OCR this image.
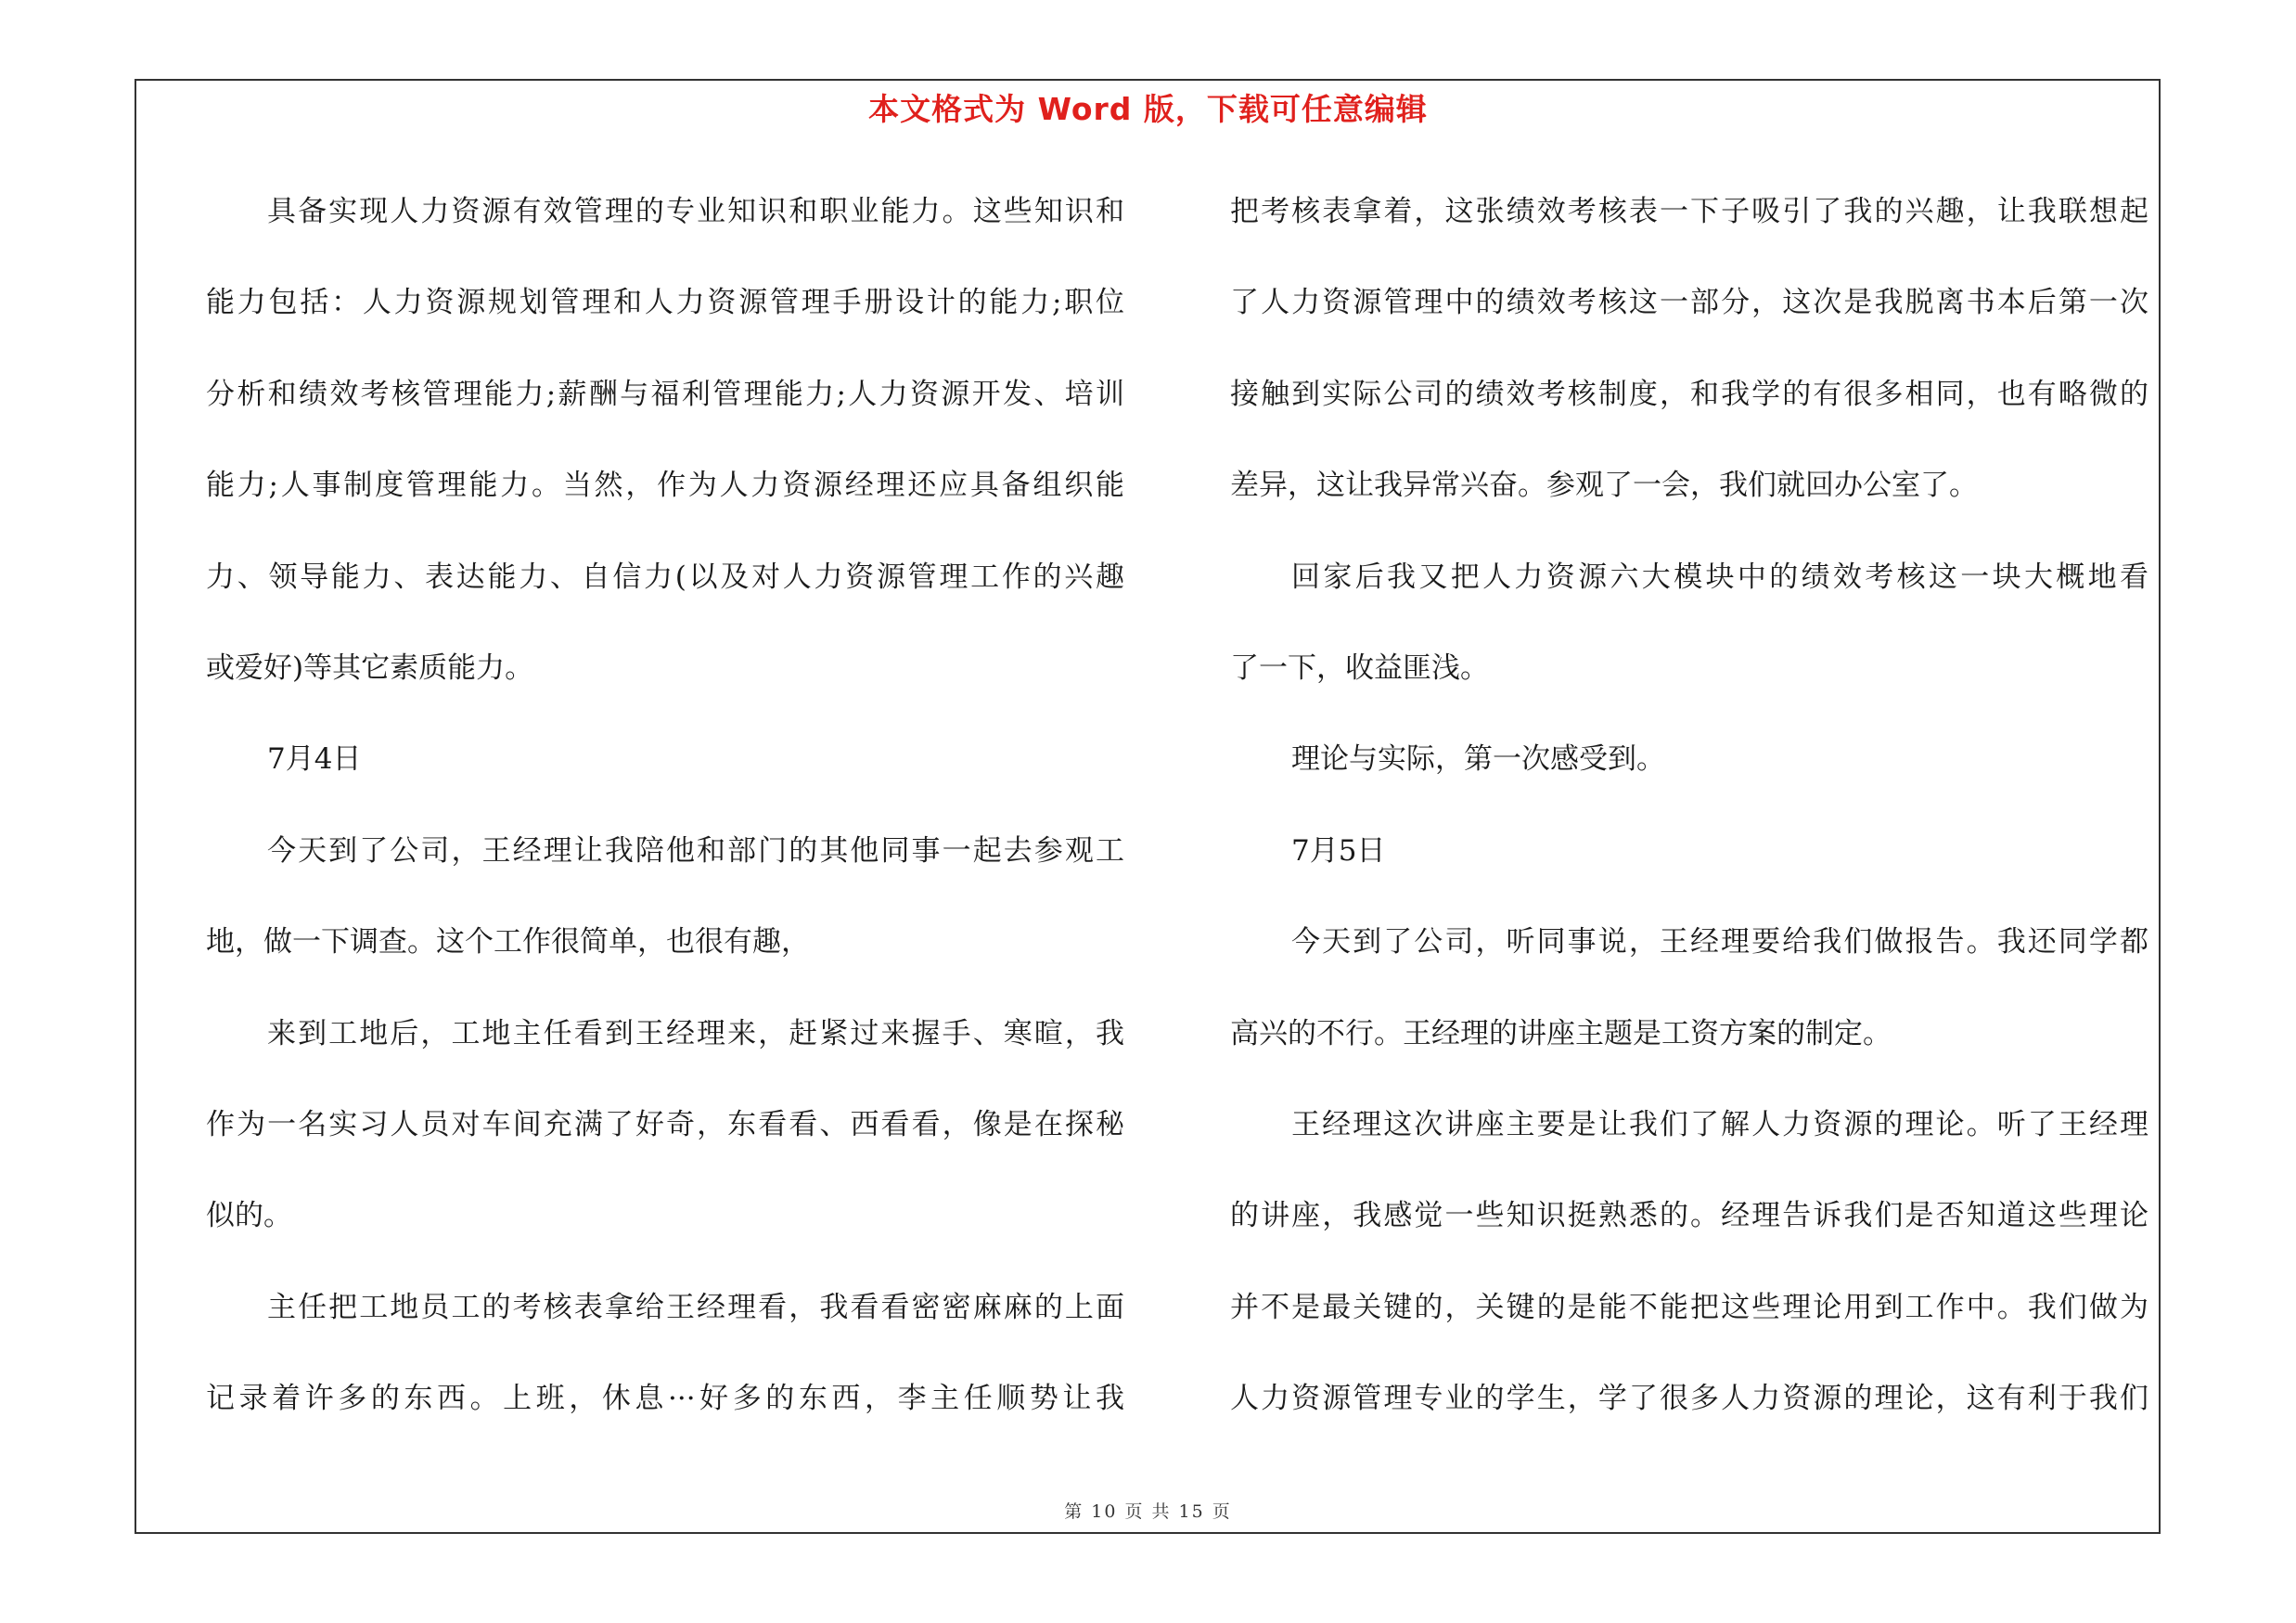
本文格式为 Word 版，下载可任意编辑
具备实现人力资源有效管理的专业知识和职业能力。这些知识和
能力包括：人力资源规划管理和人力资源管理手册设计的能力;职位
分析和绩效考核管理能力;薪酬与福利管理能力;人力资源开发、培训
能力;人事制度管理能力。当然，作为人力资源经理还应具备组织能
力、领导能力、表达能力、自信力(以及对人力资源管理工作的兴趣
或爱好)等其它素质能力。
7月4日
今天到了公司，王经理让我陪他和部门的其他同事一起去参观工
地，做一下调查。这个工作很简单，也很有趣，
来到工地后，工地主任看到王经理来，赶紧过来握手、寒暄，我
作为一名实习人员对车间充满了好奇，东看看、西看看，像是在探秘
似的。
主任把工地员工的考核表拿给王经理看，我看看密密麻麻的上面
记录着许多的东西。上班，休息···好多的东西，李主任顺势让我
把考核表拿着，这张绩效考核表一下子吸引了我的兴趣，让我联想起
了人力资源管理中的绩效考核这一部分，这次是我脱离书本后第一次
接触到实际公司的绩效考核制度，和我学的有很多相同，也有略微的
差异，这让我异常兴奋。参观了一会，我们就回办公室了。
回家后我又把人力资源六大模块中的绩效考核这一块大概地看
了一下，收益匪浅。
理论与实际，第一次感受到。
7月5日
今天到了公司，听同事说，王经理要给我们做报告。我还同学都
高兴的不行。王经理的讲座主题是工资方案的制定。
王经理这次讲座主要是让我们了解人力资源的理论。听了王经理
的讲座，我感觉一些知识挺熟悉的。经理告诉我们是否知道这些理论
并不是最关键的，关键的是能不能把这些理论用到工作中。我们做为
人力资源管理专业的学生，学了很多人力资源的理论，这有利于我们
第 10 页 共 15 页
